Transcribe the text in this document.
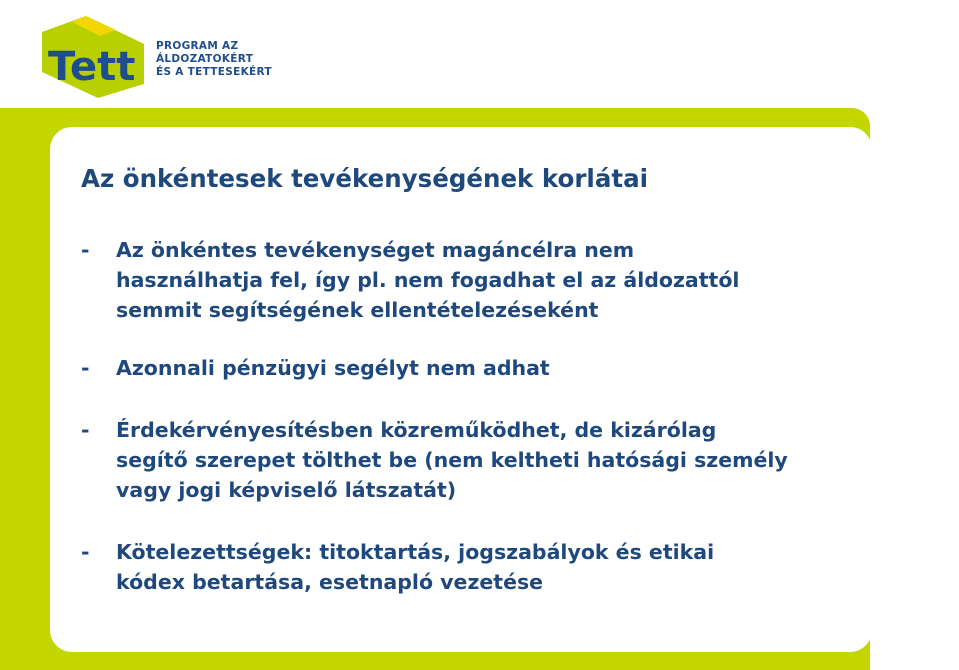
Tett PROGRAM AZ
ÁLDOZATOKÉRT
ÉS A TETTESEKÉRT
Az önkéntesek tevékenységének korlátai
- Az önkéntes tevékenységet magáncélra nem
használhatja fel, így pl. nem fogadhat el az áldozattól
semmit segítségének ellentételezéseként
- Azonnali pénzügyi segélyt nem adhat
- Érdekérvényesítésben közreműködhet, de kizárólag
segítő szerepet tölthet be (nem keltheti hatósági személy
vagy jogi képviselő látszatát)
- Kötelezettségek: titoktartás, jogszabályok és etikai
kódex betartása, esetnapló vezetése
